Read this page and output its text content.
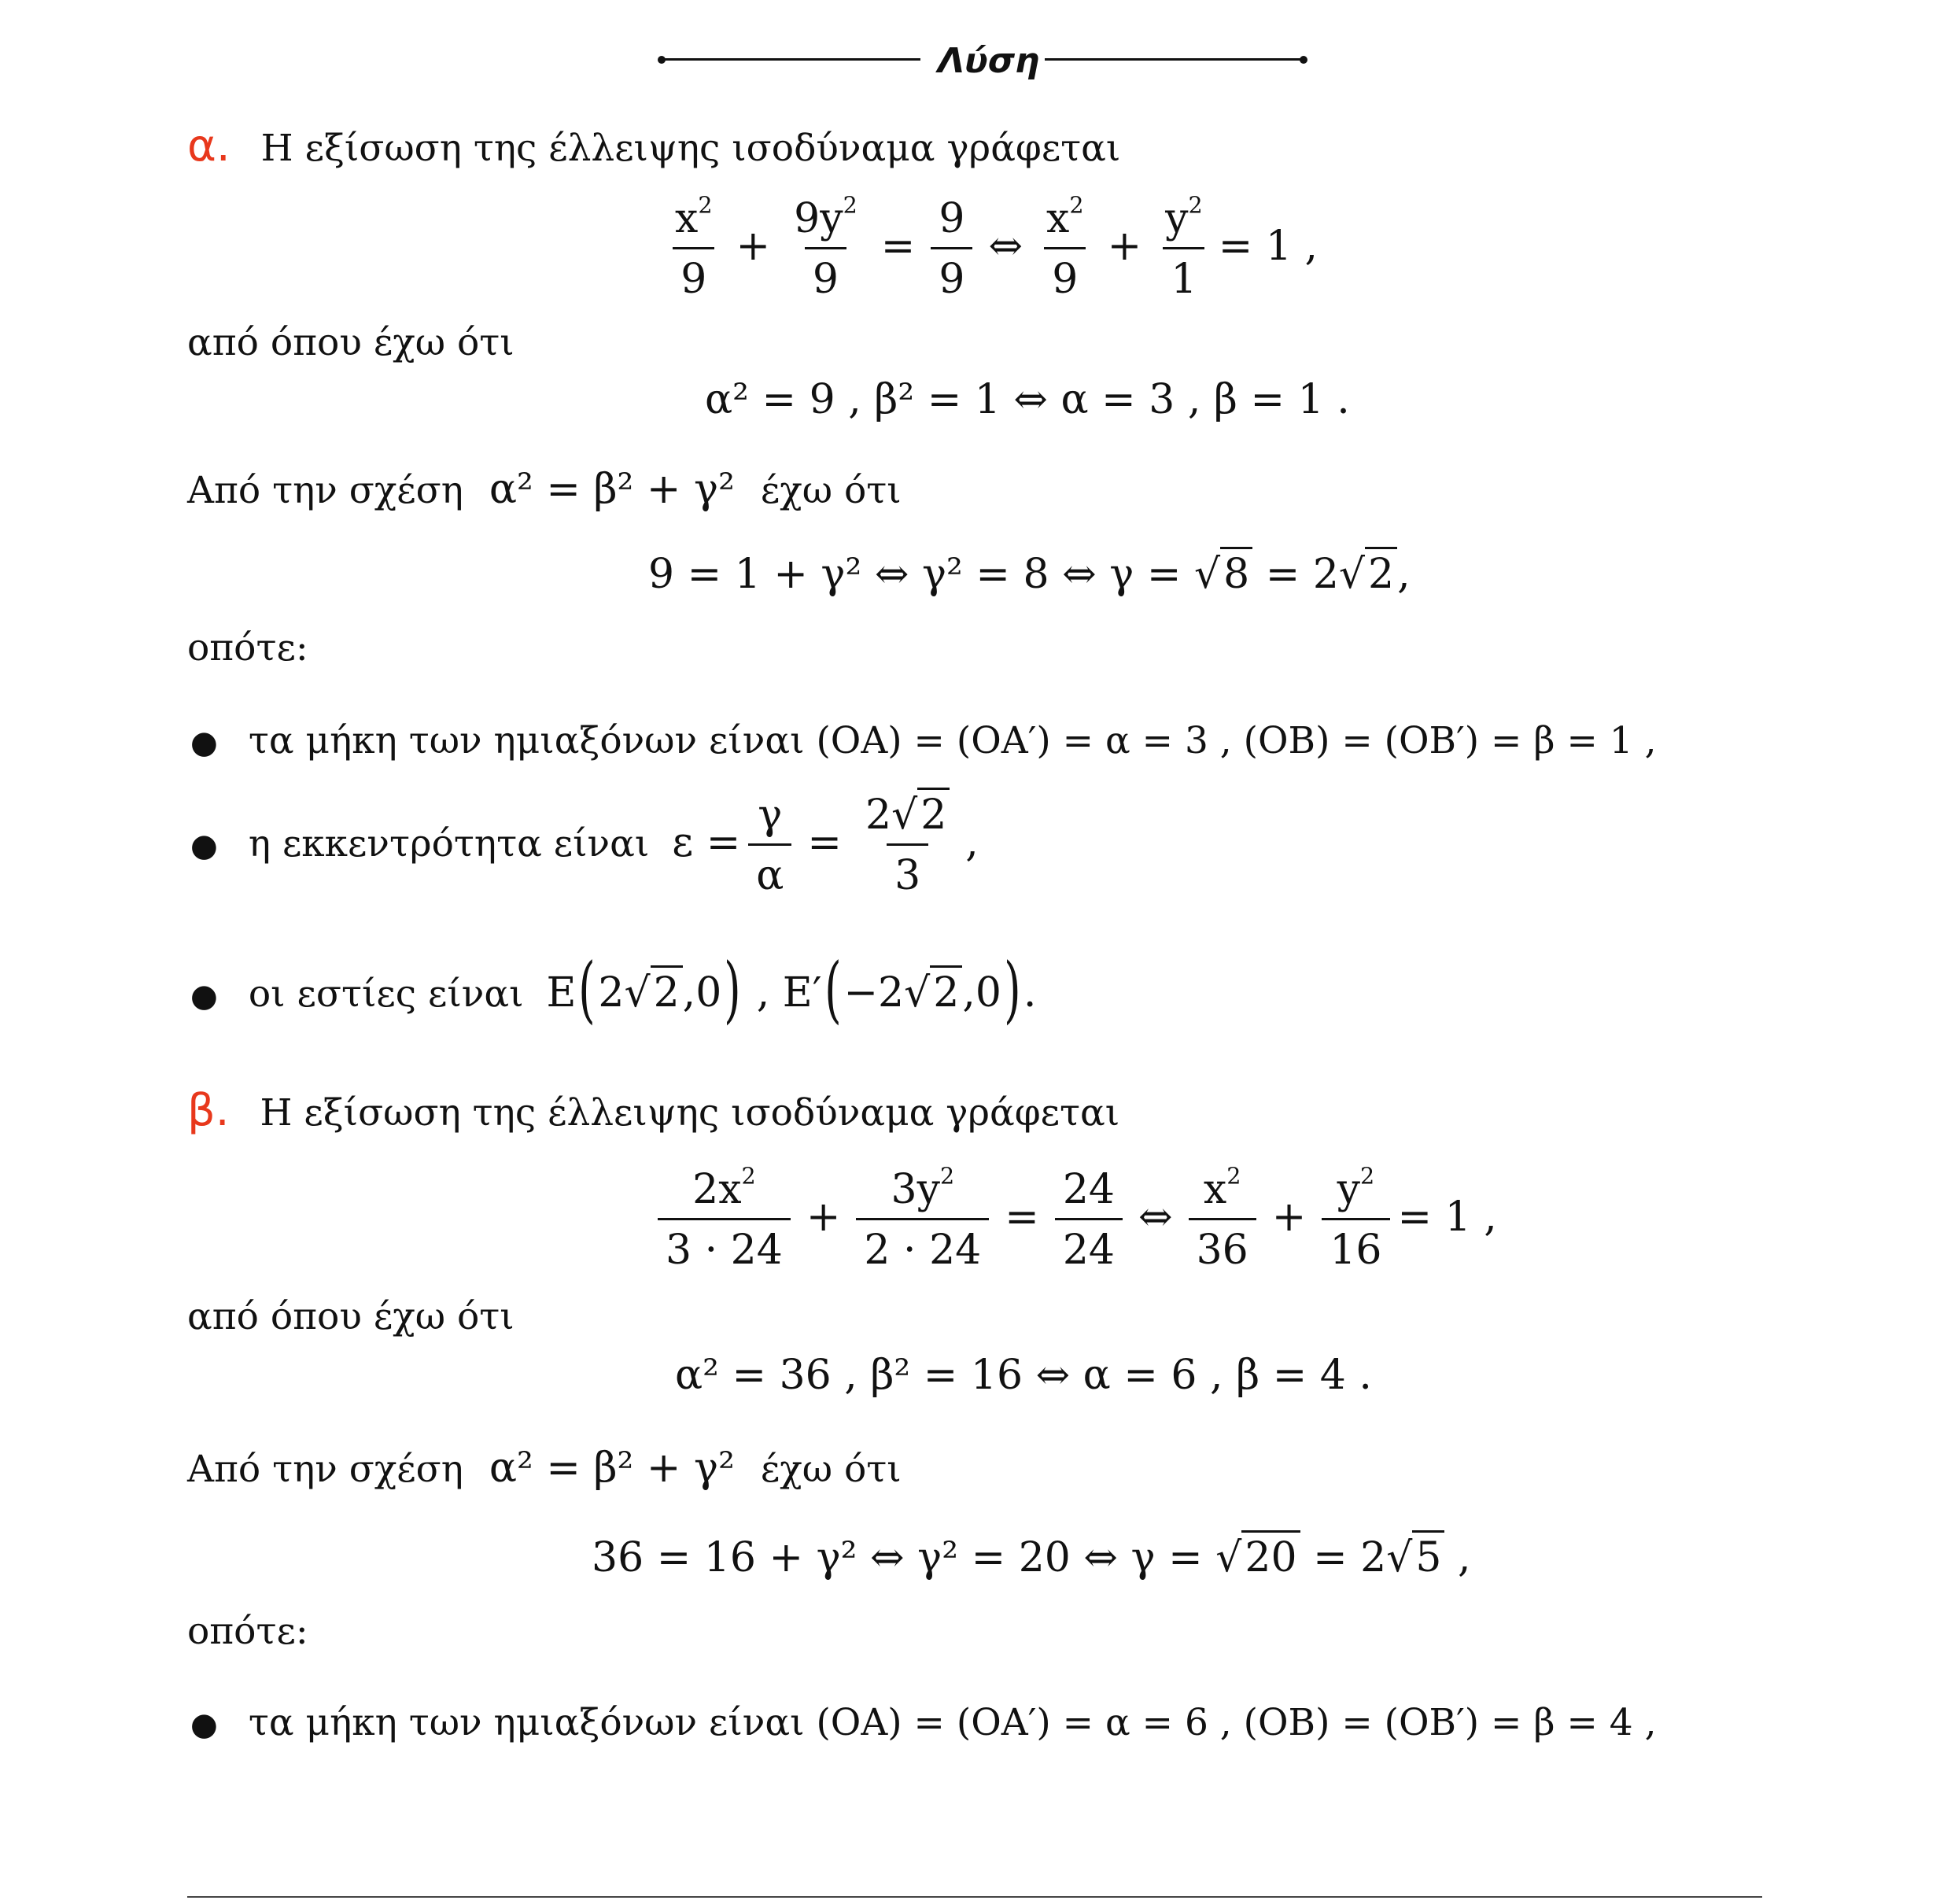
Λύση
α. Η εξίσωση της έλλειψης ισοδύναμα γράφεται
$\frac{x^2}{9} + \frac{9y^2}{9} = \frac{9}{9}$ ⇔ $\frac{x^2}{9} + \frac{y^2}{1} = 1$ ,
από όπου έχω ότι
α² = 9 , β² = 1 ⇔ α = 3 , β = 1 .
Από την σχέση α² = β² + γ² έχω ότι
9 = 1 + γ² ⇔ γ² = 8 ⇔ γ = √8 = 2√2,
οπότε:
● τα μήκη των ημιαξόνων είναι (ΟΑ) = (ΟΑ′) = α = 3 , (ΟΒ) = (ΟΒ′) = β = 1 ,
● η εκκεντρότητα είναι $\varepsilon = \frac{\gamma}{\alpha} = \frac{2√2}{3}$ ,
● οι εστίες είναι Ε(2√2,0) , Ε′(−2√2,0).
β. Η εξίσωση της έλλειψης ισοδύναμα γράφεται
$\frac{2x^2}{3 \cdot 24} + \frac{3y^2}{2 \cdot 24} = \frac{24}{24}$ ⇔ $\frac{x^2}{36} + \frac{y^2}{16} = 1$ ,
από όπου έχω ότι
α² = 36 , β² = 16 ⇔ α = 6 , β = 4 .
Από την σχέση α² = β² + γ² έχω ότι
36 = 16 + γ² ⇔ γ² = 20 ⇔ γ = √20 = 2√5 ,
οπότε:
● τα μήκη των ημιαξόνων είναι (ΟΑ) = (ΟΑ′) = α = 6 , (ΟΒ) = (ΟΒ′) = β = 4 ,
